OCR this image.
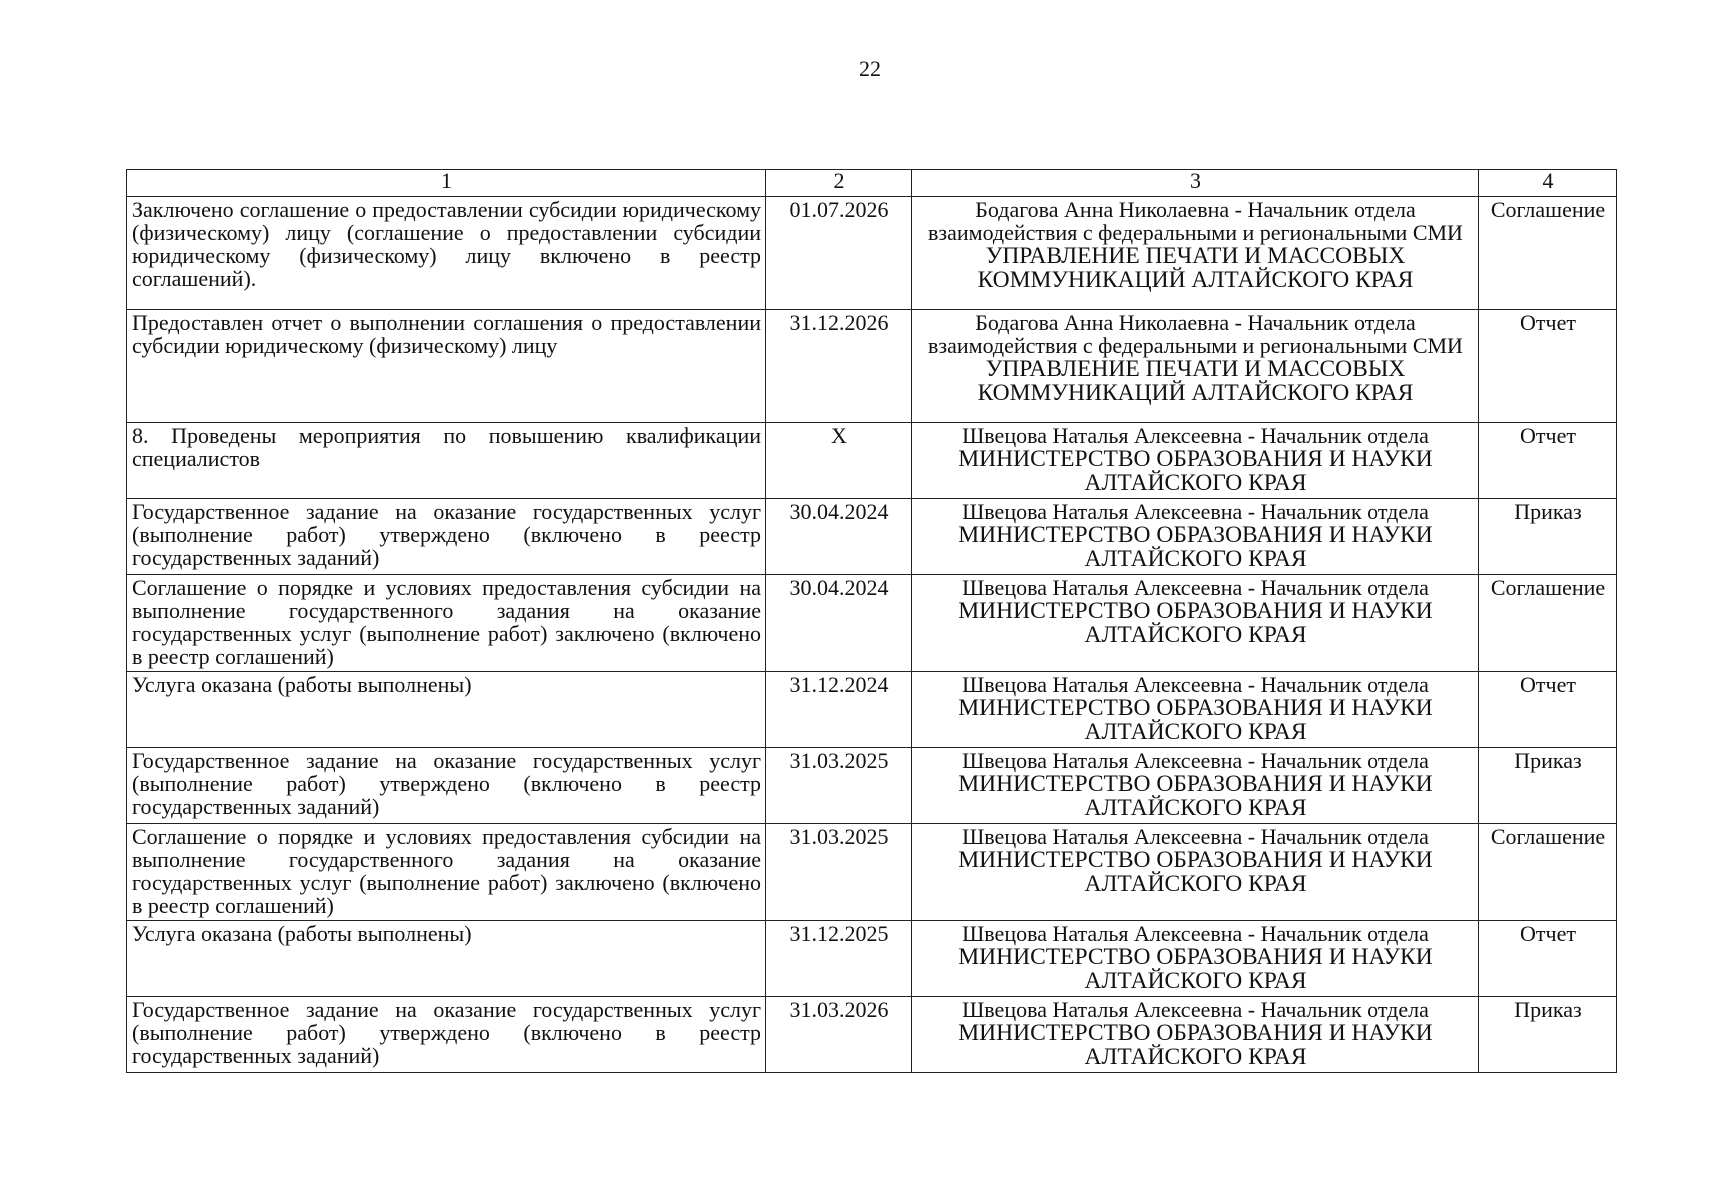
22
1	2	3	4
Заключено соглашение о предоставлении субсидии юридическому (физическому) лицу (соглашение о предоставлении субсидии юридическому (физическому) лицу включено в реестр соглашений).	01.07.2026	Бодагова Анна Николаевна - Начальник отдела взаимодействия с федеральными и региональными СМИ
УПРАВЛЕНИЕ ПЕЧАТИ И МАССОВЫХ КОММУНИКАЦИЙ АЛТАЙСКОГО КРАЯ	Соглашение
Предоставлен отчет о выполнении соглашения о предоставлении субсидии юридическому (физическому) лицу	31.12.2026	Бодагова Анна Николаевна - Начальник отдела взаимодействия с федеральными и региональными СМИ
УПРАВЛЕНИЕ ПЕЧАТИ И МАССОВЫХ КОММУНИКАЦИЙ АЛТАЙСКОГО КРАЯ	Отчет
8. Проведены мероприятия по повышению квалификации специалистов	X	Швецова Наталья Алексеевна - Начальник отдела
МИНИСТЕРСТВО ОБРАЗОВАНИЯ И НАУКИ АЛТАЙСКОГО КРАЯ	Отчет
Государственное задание на оказание государственных услуг (выполнение работ) утверждено (включено в реестр государственных заданий)	30.04.2024	Швецова Наталья Алексеевна - Начальник отдела
МИНИСТЕРСТВО ОБРАЗОВАНИЯ И НАУКИ АЛТАЙСКОГО КРАЯ	Приказ
Соглашение о порядке и условиях предоставления субсидии на выполнение государственного задания на оказание государственных услуг (выполнение работ) заключено (включено в реестр соглашений)	30.04.2024	Швецова Наталья Алексеевна - Начальник отдела
МИНИСТЕРСТВО ОБРАЗОВАНИЯ И НАУКИ АЛТАЙСКОГО КРАЯ	Соглашение
Услуга оказана (работы выполнены)	31.12.2024	Швецова Наталья Алексеевна - Начальник отдела
МИНИСТЕРСТВО ОБРАЗОВАНИЯ И НАУКИ АЛТАЙСКОГО КРАЯ	Отчет
Государственное задание на оказание государственных услуг (выполнение работ) утверждено (включено в реестр государственных заданий)	31.03.2025	Швецова Наталья Алексеевна - Начальник отдела
МИНИСТЕРСТВО ОБРАЗОВАНИЯ И НАУКИ АЛТАЙСКОГО КРАЯ	Приказ
Соглашение о порядке и условиях предоставления субсидии на выполнение государственного задания на оказание государственных услуг (выполнение работ) заключено (включено в реестр соглашений)	31.03.2025	Швецова Наталья Алексеевна - Начальник отдела
МИНИСТЕРСТВО ОБРАЗОВАНИЯ И НАУКИ АЛТАЙСКОГО КРАЯ	Соглашение
Услуга оказана (работы выполнены)	31.12.2025	Швецова Наталья Алексеевна - Начальник отдела
МИНИСТЕРСТВО ОБРАЗОВАНИЯ И НАУКИ АЛТАЙСКОГО КРАЯ	Отчет
Государственное задание на оказание государственных услуг (выполнение работ) утверждено (включено в реестр государственных заданий)	31.03.2026	Швецова Наталья Алексеевна - Начальник отдела
МИНИСТЕРСТВО ОБРАЗОВАНИЯ И НАУКИ АЛТАЙСКОГО КРАЯ	Приказ
